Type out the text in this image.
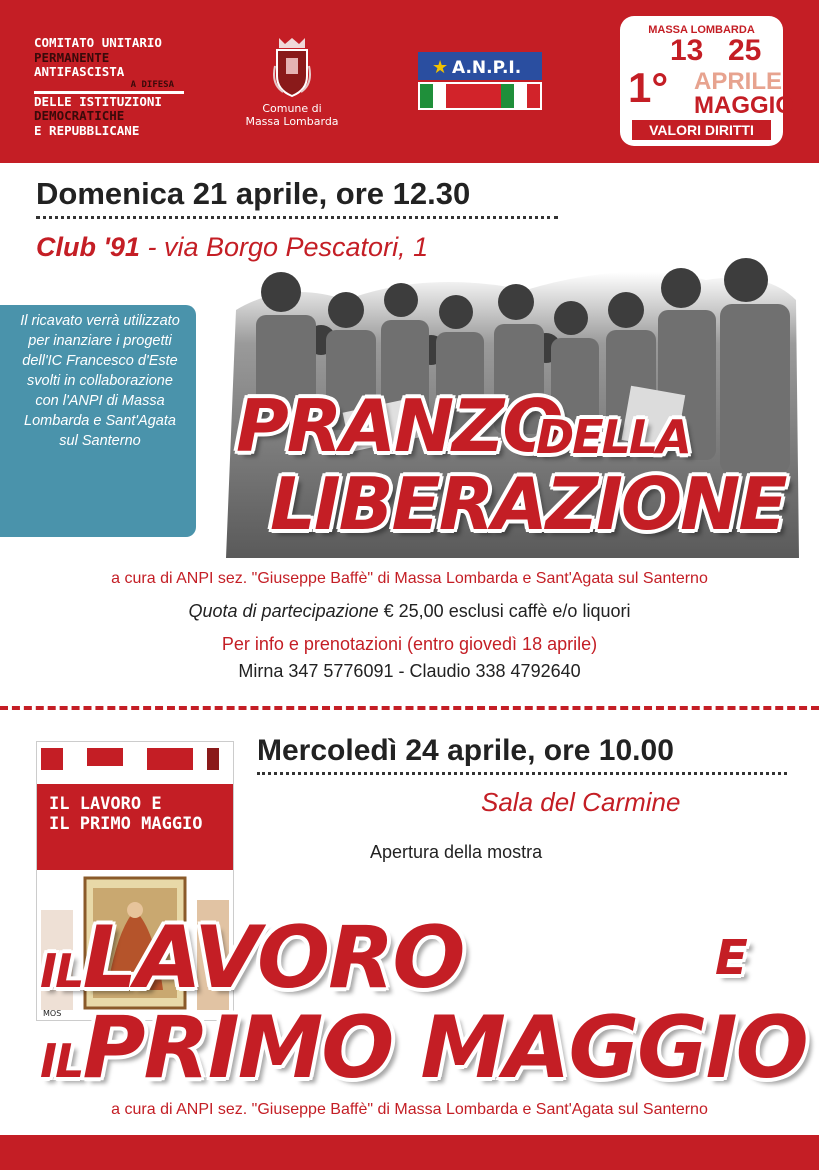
COMITATO UNITARIO
PERMANENTE
ANTIFASCISTA
A DIFESA
DELLE ISTITUZIONI
DEMOCRATICHE
E REPUBBLICANE
Comune di
Massa Lombarda
★ A.N.P.I.
MASSA LOMBARDA
13 25
1° APRILE
MAGGIO
VALORI DIRITTI
Domenica 21 aprile, ore 12.30
Club '91 - via Borgo Pescatori, 1
Il ricavato verrà utilizzato per inanziare i progetti dell'IC Francesco d'Este svolti in collaborazione con l'ANPI di Massa Lombarda e Sant'Agata sul Santerno	PRANZO
DELLA
LIBERAZIONE
a cura di ANPI sez. "Giuseppe Baffè" di Massa Lombarda e Sant'Agata sul Santerno
Quota di partecipazione € 25,00 esclusi caffè e/o liquori
Per info e prenotazioni (entro giovedì 18 aprile)
Mirna 347 5776091 - Claudio 338 4792640
IL LAVORO E
IL PRIMO MAGGIO
MOS
Mercoledì 24 aprile, ore 10.00
Sala del Carmine
Apertura della mostra
ILLAVORO	E
ILPRIMO MAGGIO
a cura di ANPI sez. "Giuseppe Baffè" di Massa Lombarda e Sant'Agata sul Santerno
